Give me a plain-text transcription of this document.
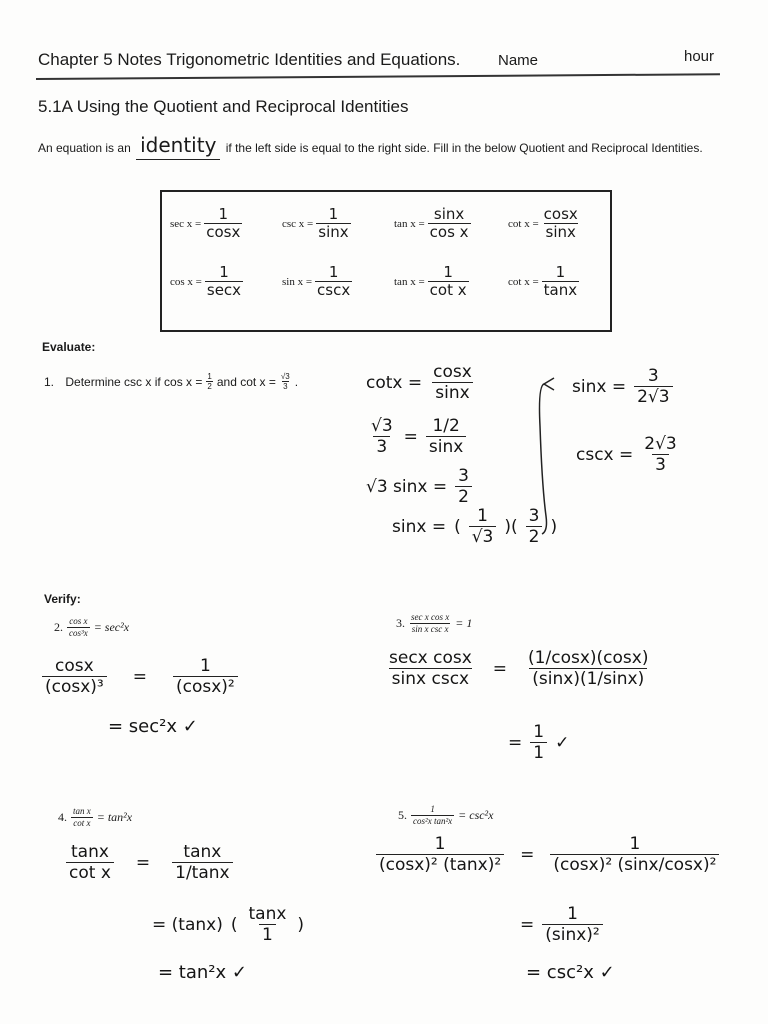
Chapter 5 Notes Trigonometric Identities and Equations.	Name	hour
5.1A Using the Quotient and Reciprocal Identities
An equation is an identity if the left side is equal to the right side. Fill in the below Quotient and Reciprocal Identities.
$\sec x = \frac{1}{\cos x}$	$\csc x = \frac{1}{\sin x}$	$\tan x = \frac{\sin x}{\text{cos x}}$	$\cot x = \frac{\cos x}{\sin x}$
$\cos x = \frac{1}{\sec x}$	$\sin x = \frac{1}{\csc x}$	$\tan x = \frac{1}{\text{cot x}}$	$\cot x = \frac{1}{\tan x}$
Evaluate:
1.
Determine csc x if $\cos x = \frac{1}{2}$ and $\cot x = \frac{√3}{3}$ .	$\cot x = \frac{\cos x}{\sin x}$
$\frac{√3}{3} = \frac{1/2}{\sin x}$
√3 $\sin x = \frac{3}{2}$
sinx = (
1
√3
)(
3
2
)
$\sin x = \frac{3}{2√3}$
$\csc x = \frac{2√3}{3}$
Verify:
2. $\frac{\text{cos x}}{\text{cos³x}} = \sec^2x$
$\frac{\cos x}{\text{(cosx)³}} = \frac{1}{\text{(cosx)²}}$
= sec²x ✓
3. sec x cos x
sin x csc x = 1
secx cosx
sinx cscx
= $\frac{(1/\cos x)(\cos x)}{(\sin x)(1/\sin x)}$
= $\frac{1}{1}$ ✓
4. $\frac{\text{tan x}}{\text{cot x}} = \tan^2x$
$\frac{\tan x}{\text{cot x}} = \frac{\tan x}{1/\tan x}$
= (tanx) (
tanx
1
)
= tan²x ✓
5. $\frac{1}{\text{cos²x tan²x}} = \csc^2x$
$\frac{1}{\text{(cosx)² (tanx)²}} = \frac{1}{\text{(cosx)² (sinx/cosx)²}}$
= $\frac{1}{\text{(sinx)²}}$
= csc²x ✓
